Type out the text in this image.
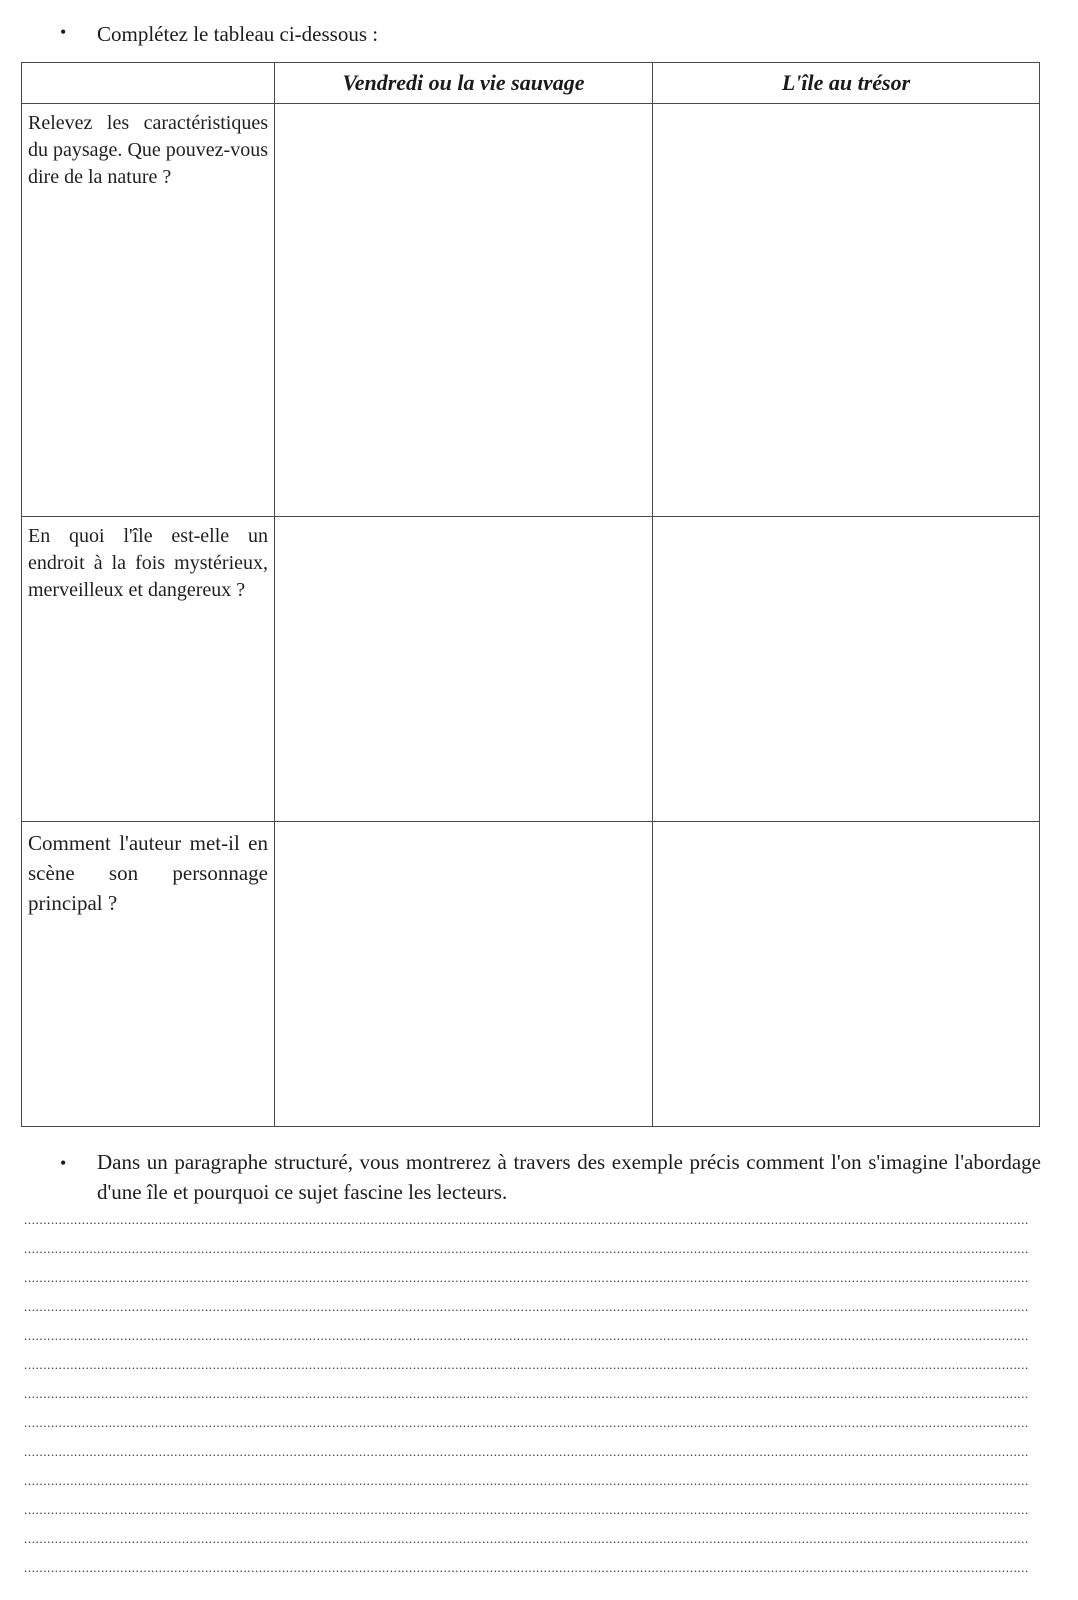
• Complétez le tableau ci-dessous :
	Vendredi ou la vie sauvage	L'île au trésor

Relevez les caractéristiques du paysage. Que pouvez-vous dire de la nature ?		

En quoi l'île est-elle un endroit à la fois mystérieux, merveilleux et dangereux ?		

Comment l'auteur met-il en scène son personnage principal ?		

• Dans un paragraphe structuré, vous montrerez à travers des exemple précis comment l'on s'imagine l'abordage d'une île et pourquoi ce sujet fascine les lecteurs.
.....................................................................................................................................................................................................................................................................
.....................................................................................................................................................................................................................................................................
.....................................................................................................................................................................................................................................................................
.....................................................................................................................................................................................................................................................................
.....................................................................................................................................................................................................................................................................
.....................................................................................................................................................................................................................................................................
.....................................................................................................................................................................................................................................................................
.....................................................................................................................................................................................................................................................................
.....................................................................................................................................................................................................................................................................
.....................................................................................................................................................................................................................................................................
.....................................................................................................................................................................................................................................................................
.....................................................................................................................................................................................................................................................................
.....................................................................................................................................................................................................................................................................
